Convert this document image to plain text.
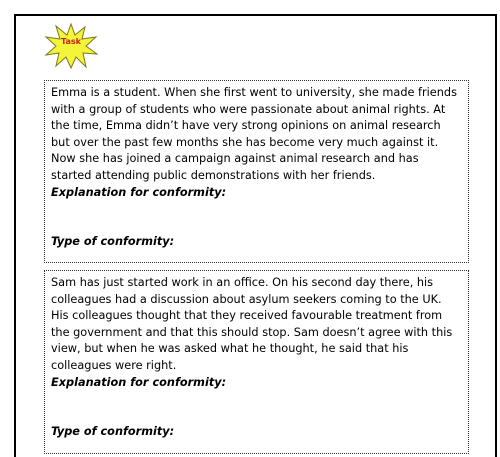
Task

Emma is a student. When she first went to university, she made friends with a group of students who were passionate about animal rights. At the time, Emma didn’t have very strong opinions on animal research but over the past few months she has become very much against it. Now she has joined a campaign against animal research and has started attending public demonstrations with her friends.

Explanation for conformity:

Type of conformity:

Sam has just started work in an office. On his second day there, his colleagues had a discussion about asylum seekers coming to the UK. His colleagues thought that they received favourable treatment from the government and that this should stop. Sam doesn’t agree with this view, but when he was asked what he thought, he said that his colleagues were right.

Explanation for conformity:

Type of conformity:
